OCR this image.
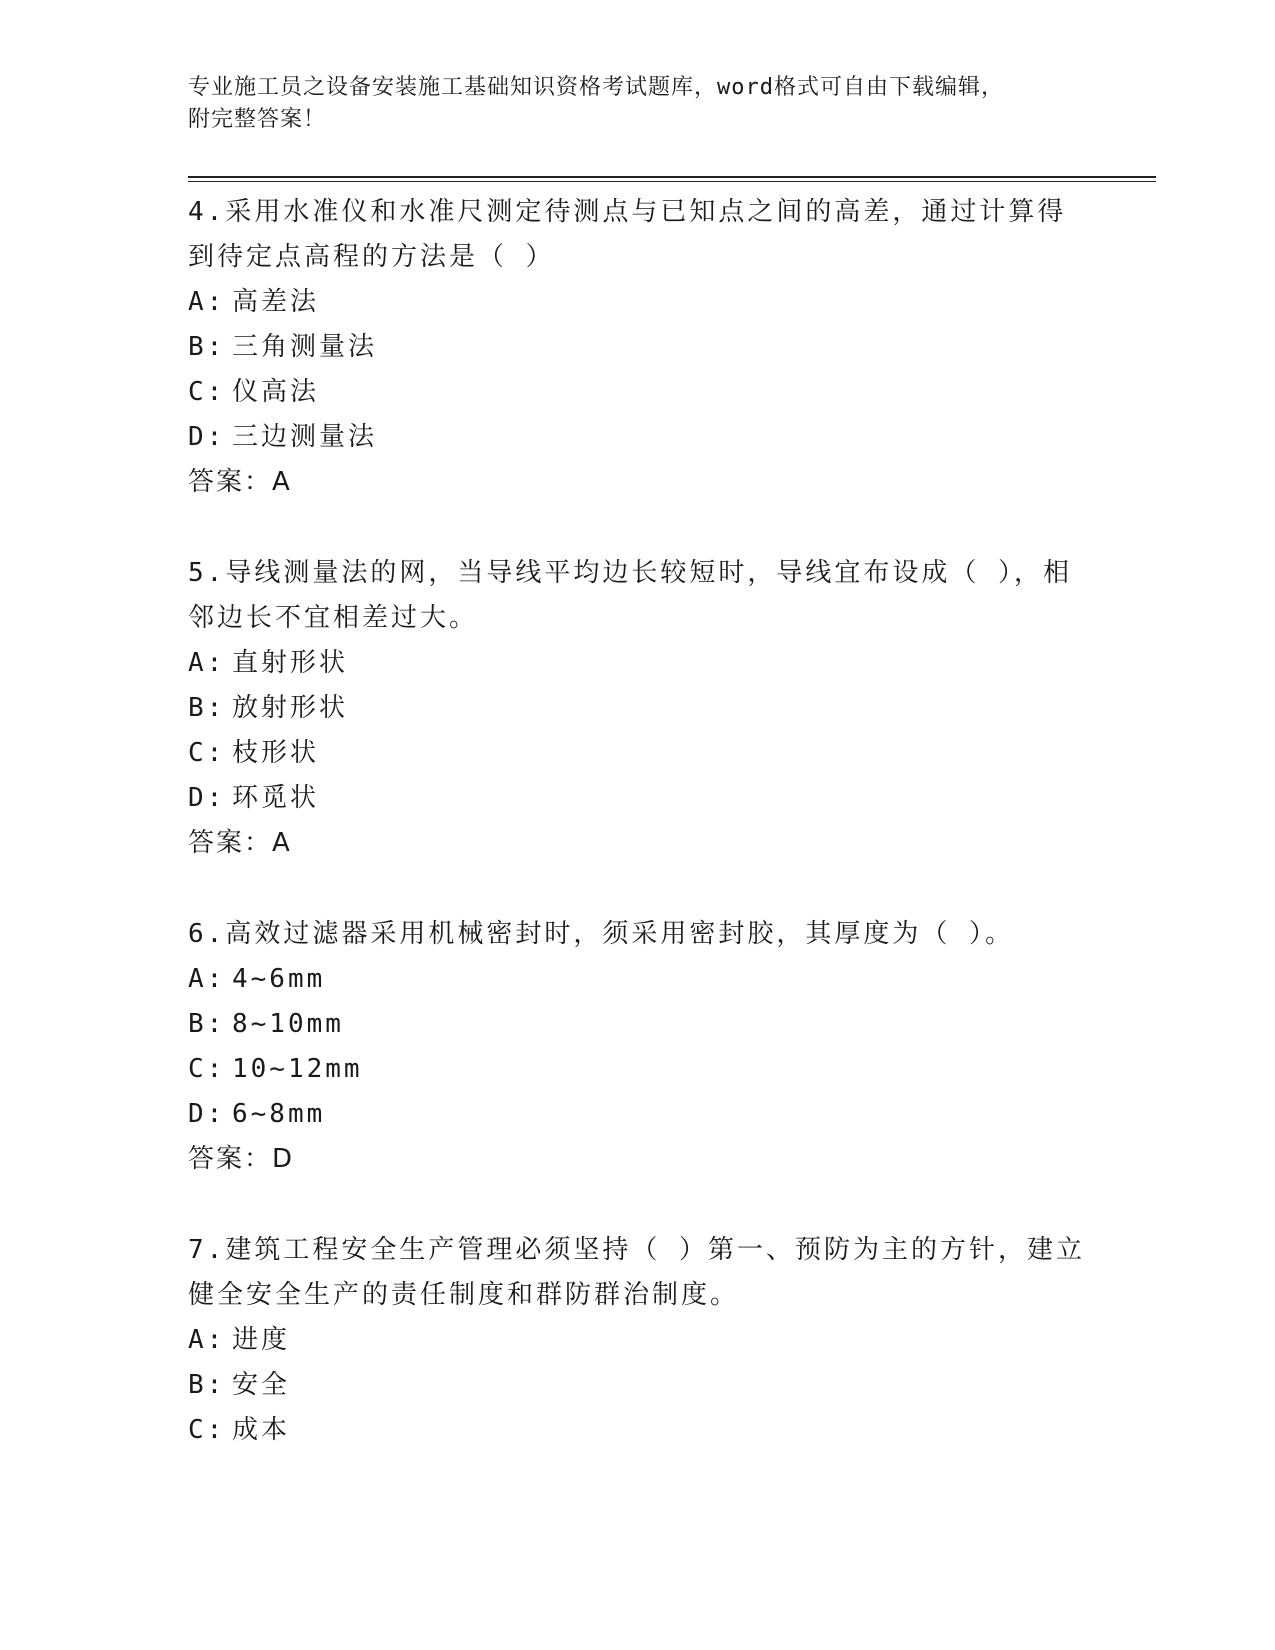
专业施工员之设备安装施工基础知识资格考试题库，word格式可自由下载编辑，
附完整答案！

4.采用水准仪和水准尺测定待测点与已知点之间的高差，通过计算得
到待定点高程的方法是（ ）

A: 高差法

B: 三角测量法

C: 仪高法

D: 三边测量法

答案：A

5.导线测量法的网，当导线平均边长较短时，导线宜布设成（ ），相
邻边长不宜相差过大。

A: 直射形状

B: 放射形状

C: 枝形状

D: 环觅状

答案：A

6.高效过滤器采用机械密封时，须采用密封胶，其厚度为（ ）。

A: 4~6mm

B: 8~10mm

C: 10~12mm

D: 6~8mm

答案：D

7.建筑工程安全生产管理必须坚持（ ）第一、预防为主的方针，建立
健全安全生产的责任制度和群防群治制度。

A: 进度

B: 安全

C: 成本
